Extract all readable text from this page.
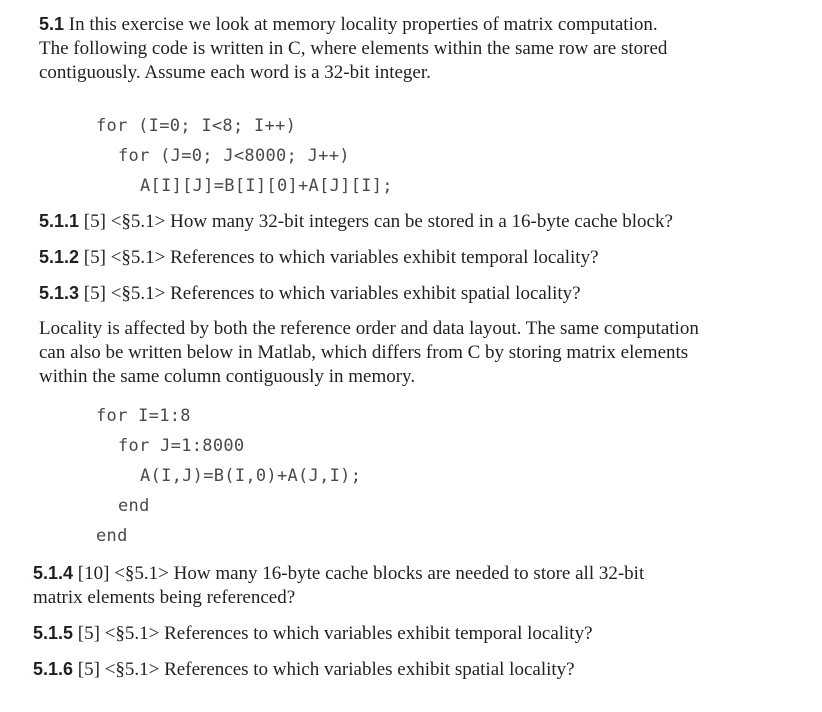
5.1 In this exercise we look at memory locality properties of matrix computation.
The following code is written in C, where elements within the same row are stored
contiguously. Assume each word is a 32-bit integer.
for (I=0; I<8; I++)
for (J=0; J<8000; J++)
A[I][J]=B[I][0]+A[J][I];
5.1.1 [5] <§5.1> How many 32-bit integers can be stored in a 16-byte cache block?
5.1.2 [5] <§5.1> References to which variables exhibit temporal locality?
5.1.3 [5] <§5.1> References to which variables exhibit spatial locality?
Locality is affected by both the reference order and data layout. The same computation
can also be written below in Matlab, which differs from C by storing matrix elements
within the same column contiguously in memory.
for I=1:8
for J=1:8000
A(I,J)=B(I,0)+A(J,I);
end
end
5.1.4 [10] <§5.1> How many 16-byte cache blocks are needed to store all 32-bit
matrix elements being referenced?
5.1.5 [5] <§5.1> References to which variables exhibit temporal locality?
5.1.6 [5] <§5.1> References to which variables exhibit spatial locality?
